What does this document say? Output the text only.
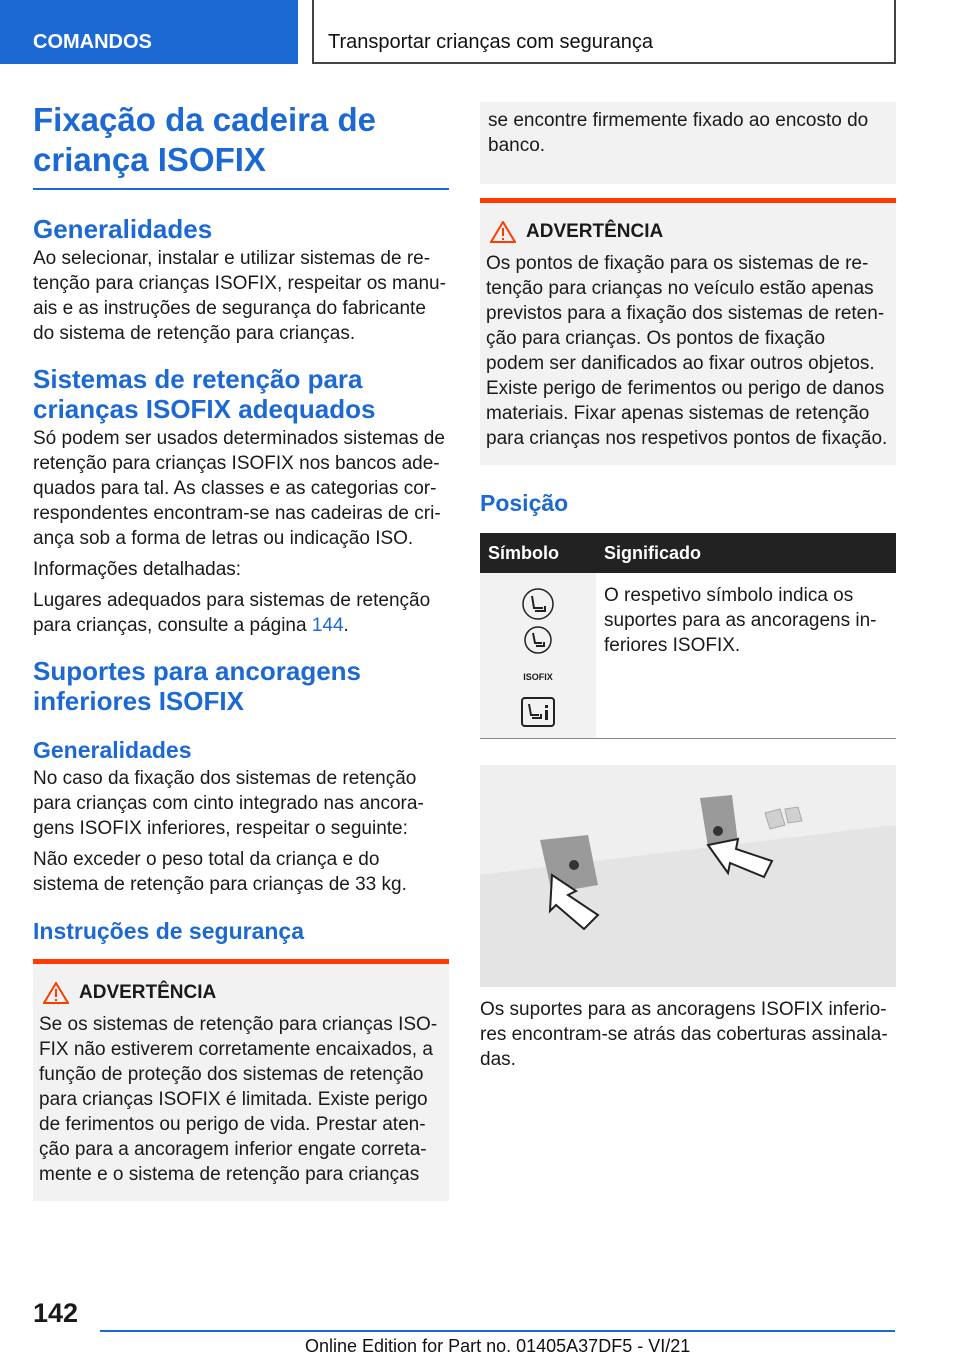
COMANDOS	Transportar crianças com segurança
Fixação da cadeira de criança ISOFIX
Generalidades

Ao selecionar, instalar e utilizar sistemas de retenção para crianças ISOFIX, respeitar os manuais e as instruções de segurança do fabricante do sistema de retenção para crianças.

Sistemas de retenção para crianças ISOFIX adequados

Só podem ser usados determinados sistemas de retenção para crianças ISOFIX nos bancos adequados para tal. As classes e as categorias correspondentes encontram-se nas cadeiras de criança sob a forma de letras ou indicação ISO.

Informações detalhadas:

Lugares adequados para sistemas de retenção para crianças, consulte a página 144.

Suportes para ancoragens inferiores ISOFIX
Generalidades

No caso da fixação dos sistemas de retenção para crianças com cinto integrado nas ancoragens ISOFIX inferiores, respeitar o seguinte:

Não exceder o peso total da criança e do sistema de retenção para crianças de 33 kg.

Instruções de segurança
ADVERTÊNCIA

Se os sistemas de retenção para crianças ISOFIX não estiverem corretamente encaixados, a função de proteção dos sistemas de retenção para crianças ISOFIX é limitada. Existe perigo de ferimentos ou perigo de vida. Prestar atenção para a ancoragem inferior engate corretamente e o sistema de retenção para crianças

se encontre firmemente fixado ao encosto do banco.

ADVERTÊNCIA

Os pontos de fixação para os sistemas de retenção para crianças no veículo estão apenas previstos para a fixação dos sistemas de retenção para crianças. Os pontos de fixação podem ser danificados ao fixar outros objetos. Existe perigo de ferimentos ou perigo de danos materiais. Fixar apenas sistemas de retenção para crianças nos respetivos pontos de fixação.

Posição
Símbolo	Significado

ISOFIX	O respetivo símbolo indica os suportes para as ancoragens inferiores ISOFIX.

Os suportes para as ancoragens ISOFIX inferiores encontram-se atrás das coberturas assinaladas.

142
Online Edition for Part no. 01405A37DF5 - VI/21
